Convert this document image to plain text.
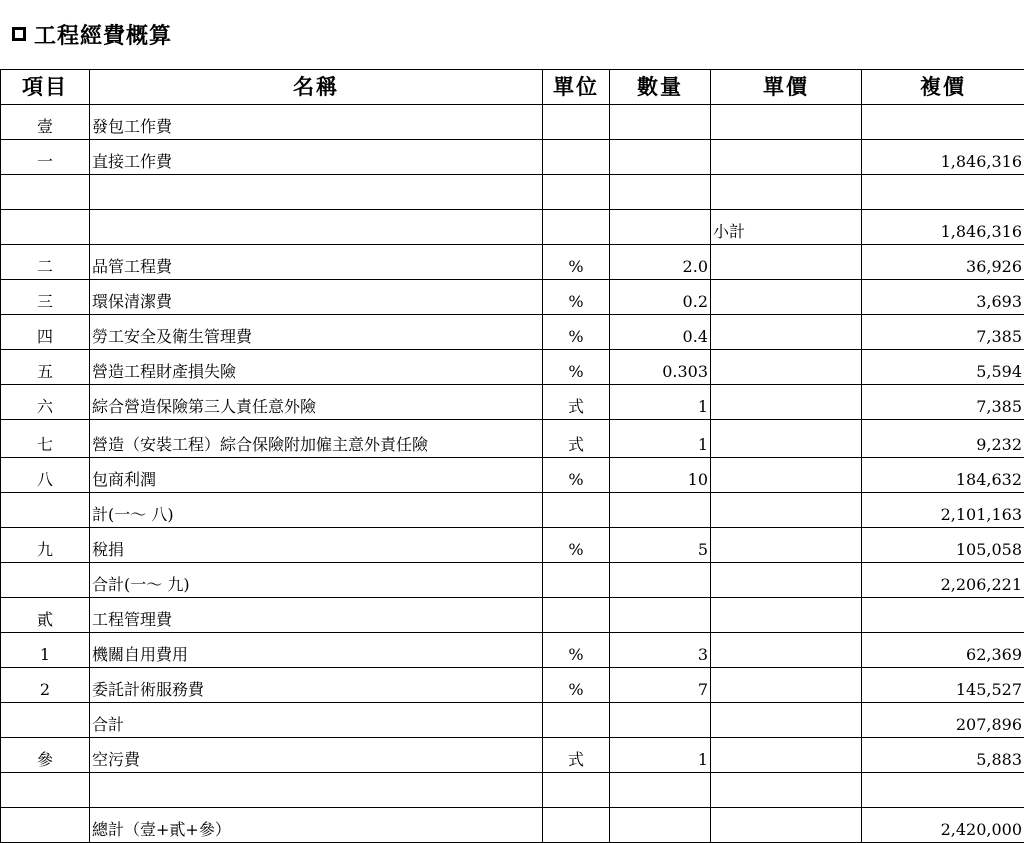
工程經費概算
項目	名稱	單位	數量	單價	複價
壹	發包工作費				
一	直接工作費				1,846,316

				小計	1,846,316
二	品管工程費	%	2.0		36,926
三	環保清潔費	%	0.2		3,693
四	勞工安全及衛生管理費	%	0.4		7,385
五	營造工程財產損失險	%	0.303		5,594
六	綜合營造保險第三人責任意外險	式	1		7,385
七	營造（安裝工程）綜合保險附加僱主意外責任險	式	1		9,232
八	包商利潤	%	10		184,632
	計(一～ 八)				2,101,163
九	稅捐	%	5		105,058
	合計(一～ 九)				2,206,221
貳	工程管理費				
1	機關自用費用	%	3		62,369
2	委託計術服務費	%	7		145,527
	合計				207,896
參	空污費	式	1		5,883

	總計（壹+貳+參）				2,420,000
